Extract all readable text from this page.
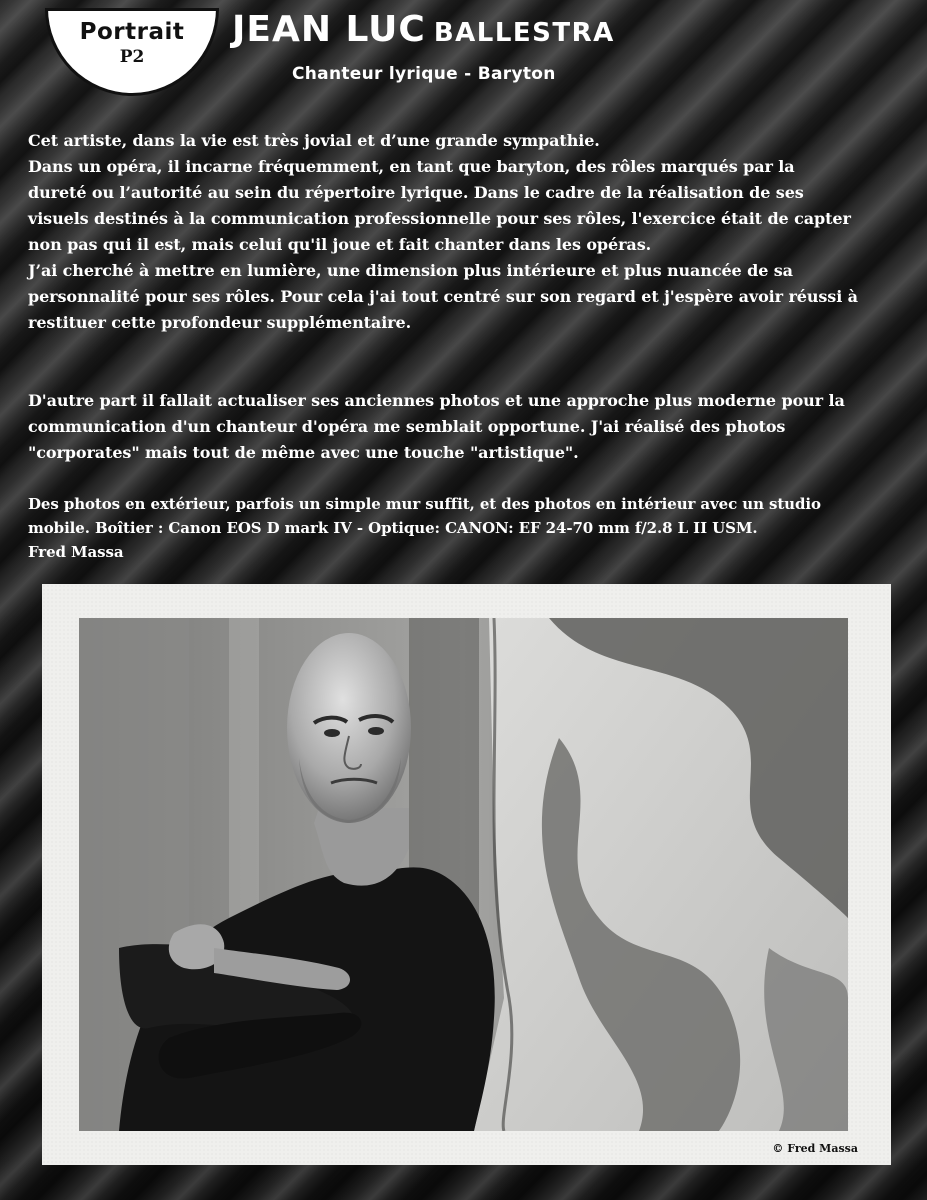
Portrait
P2
JEAN LUC BALLESTRA
Chanteur lyrique - Baryton

Cet artiste, dans la vie est très jovial et d’une grande sympathie.
Dans un opéra, il incarne fréquemment, en tant que baryton, des rôles marqués par la
dureté ou l’autorité au sein du répertoire lyrique. Dans le cadre de la réalisation de ses
visuels destinés à la communication professionnelle pour ses rôles, l'exercice était de capter
non pas qui il est, mais celui qu'il joue et fait chanter dans les opéras.
J’ai cherché à mettre en lumière, une dimension plus intérieure et plus nuancée de sa
personnalité pour ses rôles. Pour cela j'ai tout centré sur son regard et j'espère avoir réussi à
restituer cette profondeur supplémentaire.

D'autre part il fallait actualiser ses anciennes photos et une approche plus moderne pour la
communication d'un chanteur d'opéra me semblait opportune. J'ai réalisé des photos
"corporates" mais tout de même avec une touche "artistique".

Des photos en extérieur, parfois un simple mur suffit, et des photos en intérieur avec un studio
mobile. Boîtier : Canon EOS D mark IV - Optique: CANON: EF 24-70 mm f/2.8 L II USM.
Fred Massa

© Fred Massa
